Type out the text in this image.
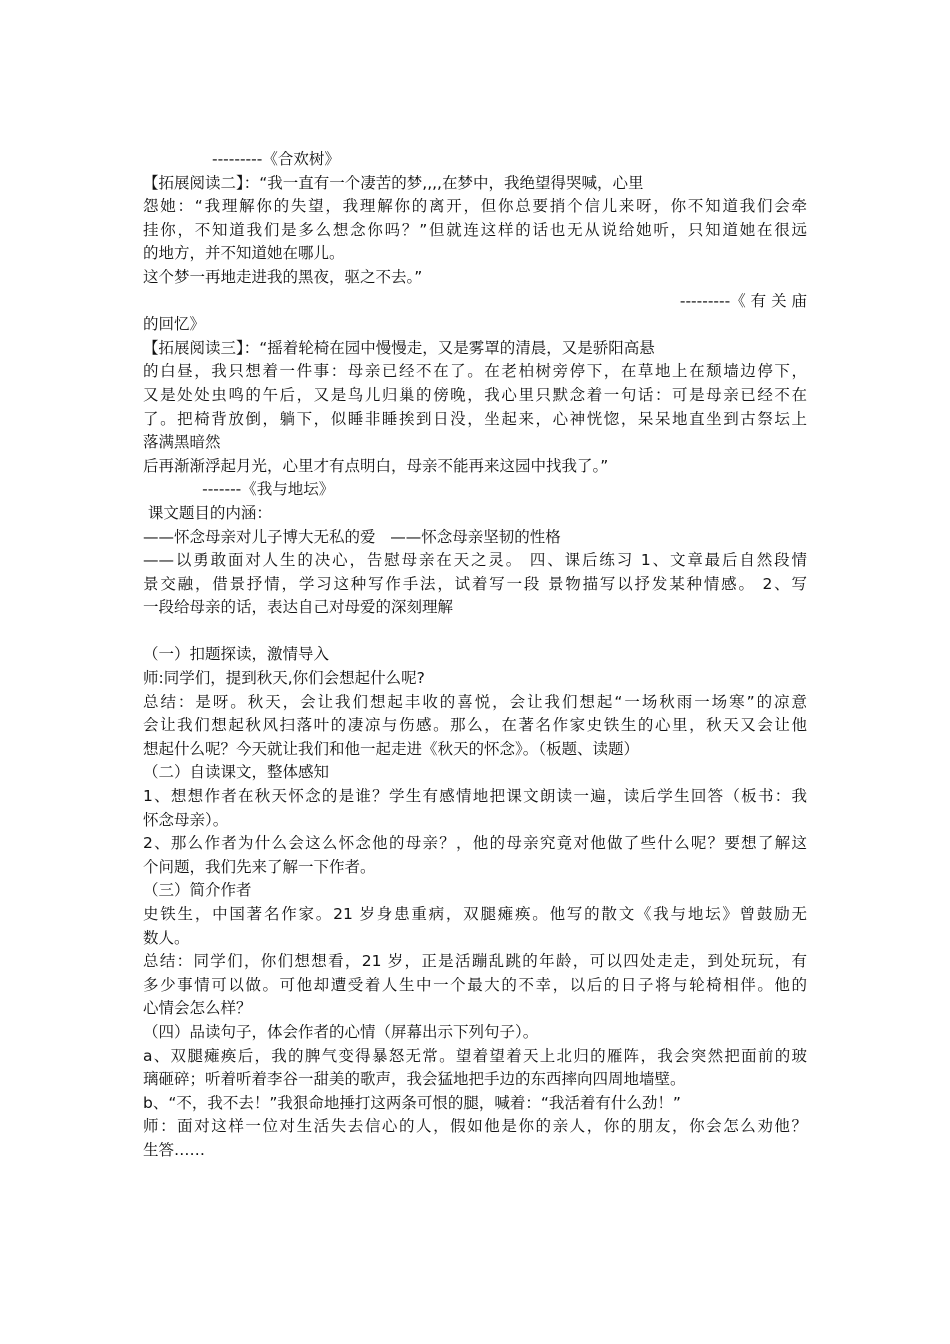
---------《合欢树》
【拓展阅读二】：“我一直有一个凄苦的梦,,,,在梦中，我绝望得哭喊，心里
怨她：“我理解你的失望，我理解你的离开，但你总要捎个信儿来呀，你不知道我们会牵
挂你，不知道我们是多么想念你吗？”但就连这样的话也无从说给她听，只知道她在很远
的地方，并不知道她在哪儿。
这个梦一再地走进我的黑夜，驱之不去。”
---------《 有 关 庙
的回忆》
【拓展阅读三】：“摇着轮椅在园中慢慢走，又是雾罩的清晨，又是骄阳高悬
的白昼，我只想着一件事：母亲已经不在了。在老柏树旁停下，在草地上在颓墙边停下，
又是处处虫鸣的午后，又是鸟儿归巢的傍晚，我心里只默念着一句话：可是母亲已经不在
了。把椅背放倒，躺下，似睡非睡挨到日没，坐起来，心神恍惚，呆呆地直坐到古祭坛上
落满黑暗然
后再渐渐浮起月光，心里才有点明白，母亲不能再来这园中找我了。”
-------《我与地坛》
课文题目的内涵：
——怀念母亲对儿子博大无私的爱   ——怀念母亲坚韧的性格
——以勇敢面对人生的决心，告慰母亲在天之灵。 四、课后练习 1、文章最后自然段情
景交融，借景抒情，学习这种写作手法，试着写一段 景物描写以抒发某种情感。 2、写
一段给母亲的话，表达自己对母爱的深刻理解
（一）扣题探读，激情导入
师:同学们，提到秋天,你们会想起什么呢?
总结：是呀。秋天，会让我们想起丰收的喜悦，会让我们想起“一场秋雨一场寒”的凉意
会让我们想起秋风扫落叶的凄凉与伤感。那么，在著名作家史铁生的心里，秋天又会让他
想起什么呢？今天就让我们和他一起走进《秋天的怀念》。（板题、读题）
（二）自读课文，整体感知
1、想想作者在秋天怀念的是谁？学生有感情地把课文朗读一遍，读后学生回答（板书：我
怀念母亲）。
2、那么作者为什么会这么怀念他的母亲？，他的母亲究竟对他做了些什么呢？要想了解这
个问题，我们先来了解一下作者。
（三）简介作者
史铁生，中国著名作家。21 岁身患重病，双腿瘫痪。他写的散文《我与地坛》曾鼓励无
数人。
总结：同学们，你们想想看，21 岁，正是活蹦乱跳的年龄，可以四处走走，到处玩玩，有
多少事情可以做。可他却遭受着人生中一个最大的不幸，以后的日子将与轮椅相伴。他的
心情会怎么样？
（四）品读句子，体会作者的心情（屏幕出示下列句子）。
a、双腿瘫痪后，我的脾气变得暴怒无常。望着望着天上北归的雁阵，我会突然把面前的玻
璃砸碎；听着听着李谷一甜美的歌声，我会猛地把手边的东西摔向四周地墙壁。
b、“不，我不去！”我狠命地捶打这两条可恨的腿，喊着：“我活着有什么劲！”
师：面对这样一位对生活失去信心的人，假如他是你的亲人，你的朋友，你会怎么劝他？
生答……
